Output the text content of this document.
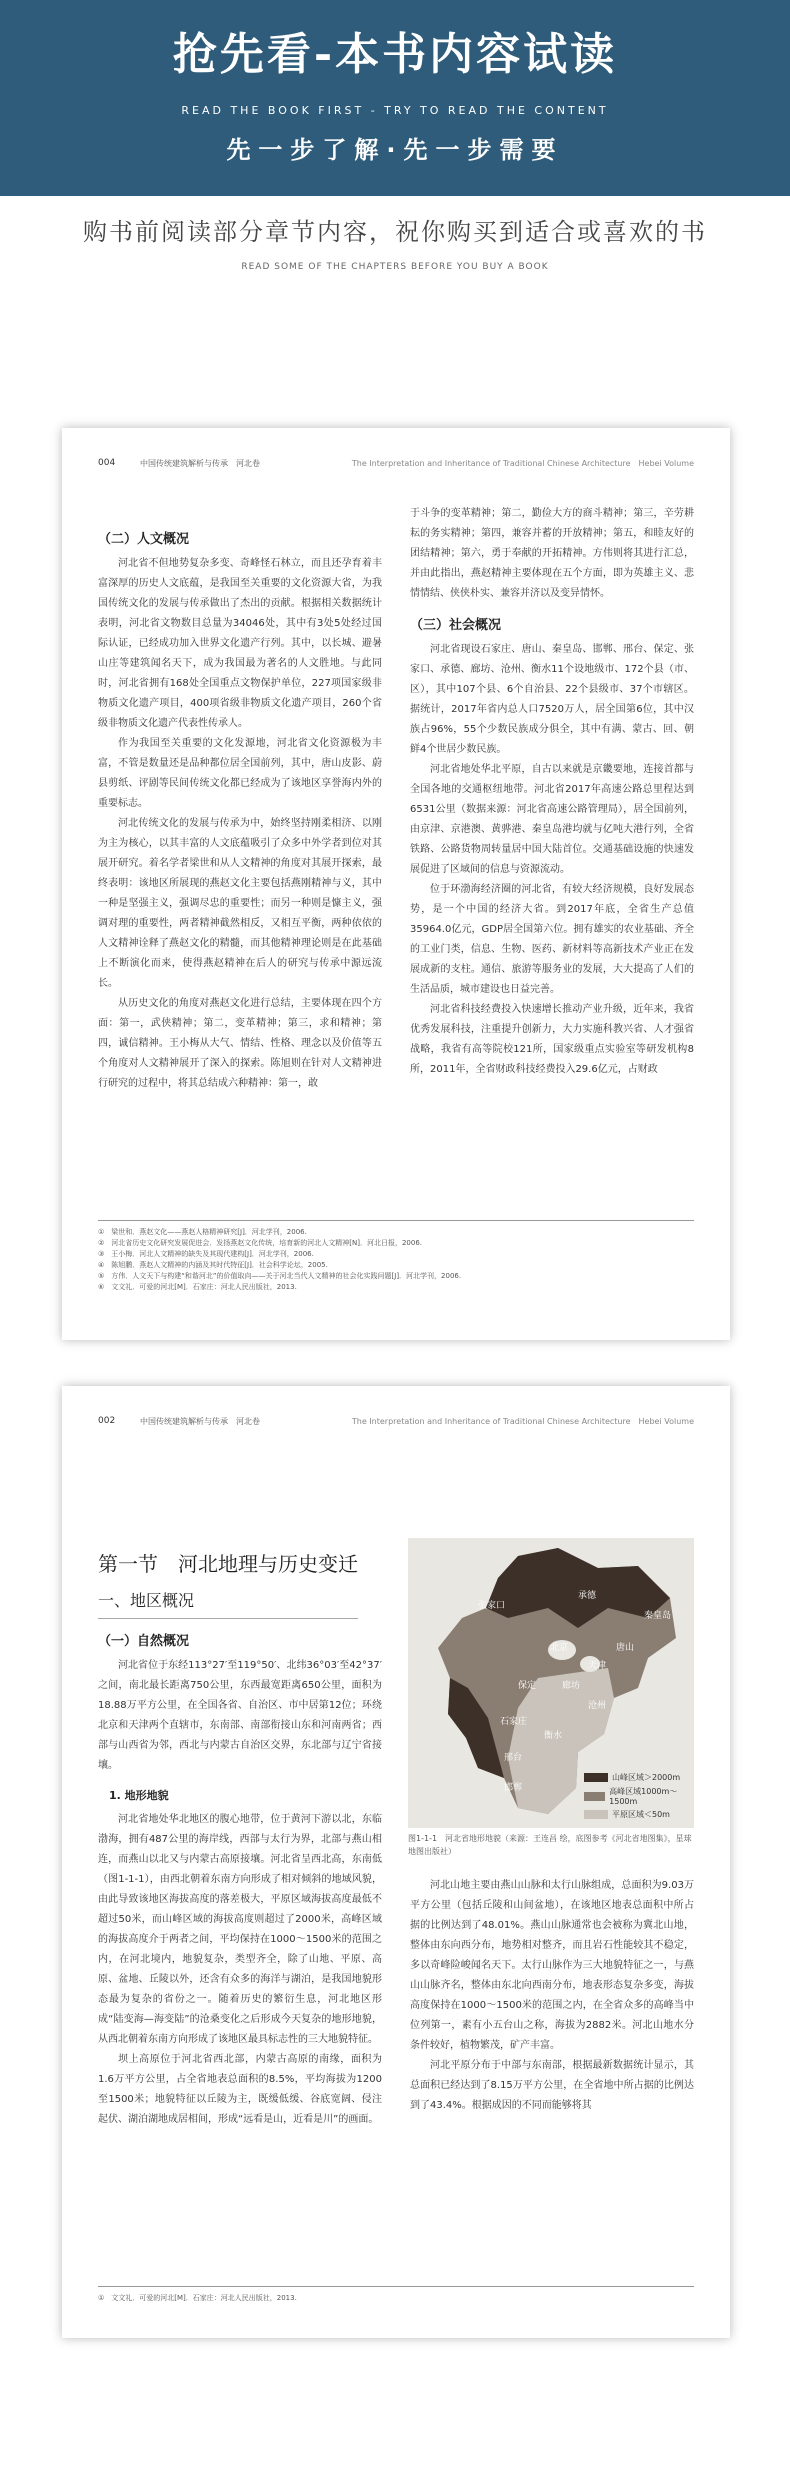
抢先看-本书内容试读
READ THE BOOK FIRST - TRY TO READ THE CONTENT
先一步了解·先一步需要
购书前阅读部分章节内容，祝你购买到适合或喜欢的书
READ SOME OF THE CHAPTERS BEFORE YOU BUY A BOOK
004	中国传统建筑解析与传承　河北卷	The Interpretation and Inheritance of Traditional Chinese Architecture　Hebei Volume
（二）人文概况

河北省不但地势复杂多变、奇峰怪石林立，而且还孕育着丰富深厚的历史人文底蕴，是我国至关重要的文化资源大省，为我国传统文化的发展与传承做出了杰出的贡献。根据相关数据统计表明，河北省文物数目总量为34046处，其中有3处5处经过国际认证，已经成功加入世界文化遗产行列。其中，以长城、避暑山庄等建筑闻名天下，成为我国最为著名的人文胜地。与此同时，河北省拥有168处全国重点文物保护单位，227项国家级非物质文化遗产项目，400项省级非物质文化遗产项目，260个省级非物质文化遗产代表性传承人。

作为我国至关重要的文化发源地，河北省文化资源极为丰富，不管是数量还是品种都位居全国前列，其中，唐山皮影、蔚县剪纸、评剧等民间传统文化都已经成为了该地区享誉海内外的重要标志。

河北传统文化的发展与传承为中，始终坚持刚柔相济、以刚为主为核心，以其丰富的人文底蕴吸引了众多中外学者到位对其展开研究。着名学者梁世和从人文精神的角度对其展开探索，最终表明：该地区所展现的燕赵文化主要包括燕刚精神与义，其中一种是坚强主义，强调尽忠的重要性；而另一种则是慷主义，强调对理的重要性，两者精神截然相反，又相互平衡，两种依依的人文精神诠释了燕赵文化的精髓，而其他精神理论则是在此基础上不断演化而来，使得燕赵精神在后人的研究与传承中源远流长。

从历史文化的角度对燕赵文化进行总结，主要体现在四个方面：第一，武侠精神；第二，变革精神；第三，求和精神；第四，诚信精神。王小梅从大气、情结、性格、理念以及价值等五个角度对人文精神展开了深入的探索。陈旭则在针对人文精神进行研究的过程中，将其总结成六种精神：第一，敢

于斗争的变革精神；第二，勤俭大方的商斗精神；第三，辛劳耕耘的务实精神；第四，兼容并蓄的开放精神；第五，和睦友好的团结精神；第六，勇于奉献的开拓精神。方伟则将其进行汇总，并由此指出，燕赵精神主要体现在五个方面，即为英雄主义、悲情情结、侠侠朴实、兼容并济以及变异情怀。

（三）社会概况

河北省现设石家庄、唐山、秦皇岛、邯郸、邢台、保定、张家口、承德、廊坊、沧州、衡水11个设地级市、172个县（市、区），其中107个县、6个自治县、22个县级市、37个市辖区。据统计，2017年省内总人口7520万人，居全国第6位，其中汉族占96%，55个少数民族成分俱全，其中有满、蒙古、回、朝鲜4个世居少数民族。

河北省地处华北平原，自古以来就是京畿要地，连接首都与全国各地的交通枢纽地带。河北省2017年高速公路总里程达到6531公里（数据来源：河北省高速公路管理局），居全国前列，由京津、京港澳、黄骅港、秦皇岛港均就与亿吨大港行列，全省铁路、公路货物周转量居中国大陆首位。交通基础设施的快速发展促进了区域间的信息与资源流动。

位于环渤海经济圈的河北省，有较大经济规模，良好发展态势，是一个中国的经济大省。到2017年底，全省生产总值35964.0亿元，GDP居全国第六位。拥有雄实的农业基础、齐全的工业门类，信息、生物、医药、新材料等高新技术产业正在发展成新的支柱。通信、旅游等服务业的发展，大大提高了人们的生活品质，城市建设也日益完善。

河北省科技经费投入快速增长推动产业升级，近年来，我省优秀发展科技，注重提升创新力，大力实施科教兴省、人才强省战略，我省有高等院校121所，国家级重点实验室等研发机构8所，2011年，全省财政科技经费投入29.6亿元，占财政

①　梁世和．燕赵文化——燕赵人格精神研究[J]．河北学刊，2006.
②　河北省历史文化研究发展促进会．发扬燕赵文化传统，培育新的河北人文精神[N]．河北日报，2006.
③　王小梅．河北人文精神的缺失及其现代建构[J]．河北学刊，2006.
④　陈旭鹏．燕赵人文精神的内涵及其时代特征[J]．社会科学论坛，2005.
⑤　方伟．人文天下与构建“和谐河北”的价值取向——关于河北当代人文精神的社会化实践问题[J]．河北学刊，2006.
⑥　文文礼．可爱的河北[M]．石家庄：河北人民出版社，2013.
002	中国传统建筑解析与传承　河北卷	The Interpretation and Inheritance of Traditional Chinese Architecture　Hebei Volume
第一节　河北地理与历史变迁
一、地区概况
（一）自然概况

河北省位于东经113°27′至119°50′、北纬36°03′至42°37′之间，南北最长距离750公里，东西最宽距离650公里，面积为18.88万平方公里，在全国各省、自治区、市中居第12位；环绕北京和天津两个直辖市，东南部、南部衔接山东和河南两省；西部与山西省为邻，西北与内蒙古自治区交界，东北部与辽宁省接壤。

1. 地形地貌

河北省地处华北地区的腹心地带，位于黄河下游以北，东临渤海，拥有487公里的海岸线，西部与太行为界，北部与燕山相连，而燕山以北又与内蒙古高原接壤。河北省呈西北高，东南低（图1-1-1），由西北朝着东南方向形成了相对倾斜的地域风貌，由此导致该地区海拔高度的落差极大，平原区域海拔高度最低不超过50米，而山峰区域的海拔高度则超过了2000米，高峰区域的海拔高度介于两者之间，平均保持在1000～1500米的范围之内，在河北境内，地貌复杂，类型齐全，除了山地、平原、高原、盆地、丘陵以外，还含有众多的海洋与湖泊，是我国地貌形态最为复杂的省份之一。随着历史的繁衍生息，河北地区形成“陆变海—海变陆”的沧桑变化之后形成今天复杂的地形地貌，从西北朝着东南方向形成了该地区最具标志性的三大地貌特征。

坝上高原位于河北省西北部，内蒙古高原的南缘，面积为1.6万平方公里，占全省地表总面积的8.5%，平均海拔为1200至1500米；地貌特征以丘陵为主，既缓低缓、谷底宽阔、侵注起伏、湖泊湖地成居相间，形成“远看是山，近看是川”的画面。

张家口
承德
秦皇岛
唐山
廊坊
保定
石家庄
衡水
沧州
邢台
邯郸
北京
天津
山峰区域＞2000m
高峰区域1000m～1500m
平原区域＜50m
图1-1-1　河北省地形地貌（来源：王连昌 绘，底图参考《河北省地图集》，星球地图出版社）

河北山地主要由燕山山脉和太行山脉组成，总面积为9.03万平方公里（包括丘陵和山间盆地），在该地区地表总面积中所占据的比例达到了48.01%。燕山山脉通常也会被称为冀北山地，整体由东向西分布，地势相对整齐，而且岩石性能较其不稳定，多以奇峰险峻闻名天下。太行山脉作为三大地貌特征之一，与燕山山脉齐名，整体由东北向西南分布，地表形态复杂多变，海拔高度保持在1000～1500米的范围之内，在全省众多的高峰当中位列第一，素有小五台山之称，海拔为2882米。河北山地水分条件较好，植物繁茂，矿产丰富。

河北平原分布于中部与东南部，根据最新数据统计显示，其总面积已经达到了8.15万平方公里，在全省地中所占据的比例达到了43.4%。根据成因的不同而能够将其

①　文文礼．可爱的河北[M]．石家庄：河北人民出版社，2013.
